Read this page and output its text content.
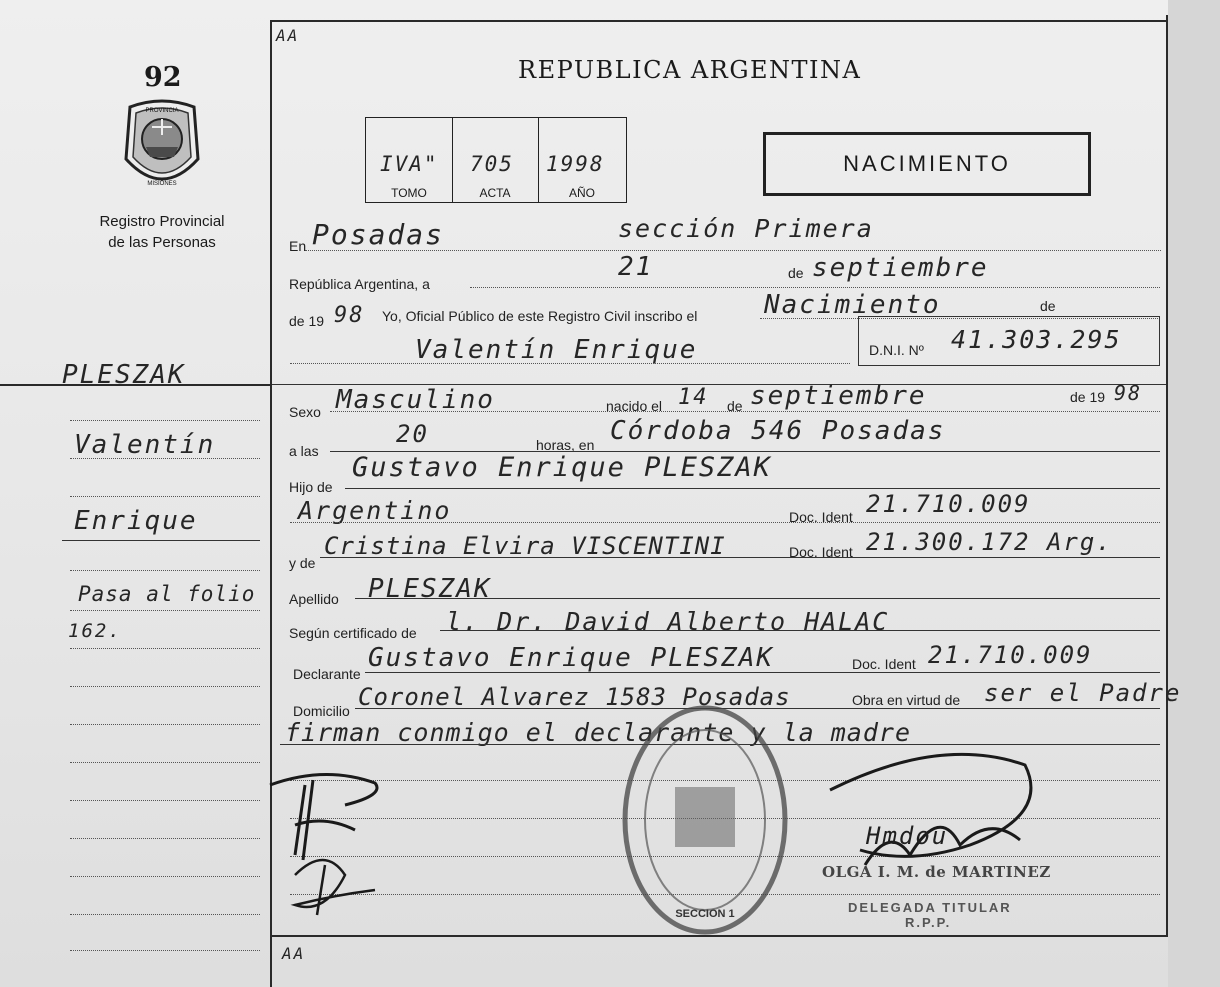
92
PROVINCIA
MISIONES
Registro Provincial
de las Personas
AA
AA
REPUBLICA ARGENTINA
IVA" 705 1998
TOMO	ACTA	AÑO
NACIMIENTO
En Posadas	sección Primera
República Argentina, a
21	de septiembre
de 19 98 Yo, Oficial Público de este Registro Civil inscribo el	Nacimiento	de
Valentín Enrique	D.N.I. Nº 41.303.295
Sexo Masculino	nacido el 14 de septiembre	de 19 98
a las
20	horas, en Córdoba 546 Posadas
Hijo de
Gustavo Enrique PLESZAK
Argentino	Doc. Ident 21.710.009
y de
Cristina Elvira VISCENTINI	Doc. Ident 21.300.172 Arg.
Apellido PLESZAK
Según certificado de l. Dr. David Alberto HALAC
Declarante
Gustavo Enrique PLESZAK	Doc. Ident 21.710.009
Domicilio Coronel Alvarez 1583 Posadas	Obra en virtud de ser el Padre
firman conmigo el declarante y la madre
PLESZAK
Valentín
Enrique
Pasa al folio
162.
SECCION 1
Hmdou
OLGA I. M. de MARTINEZ
DELEGADA TITULAR
R.P.P.
